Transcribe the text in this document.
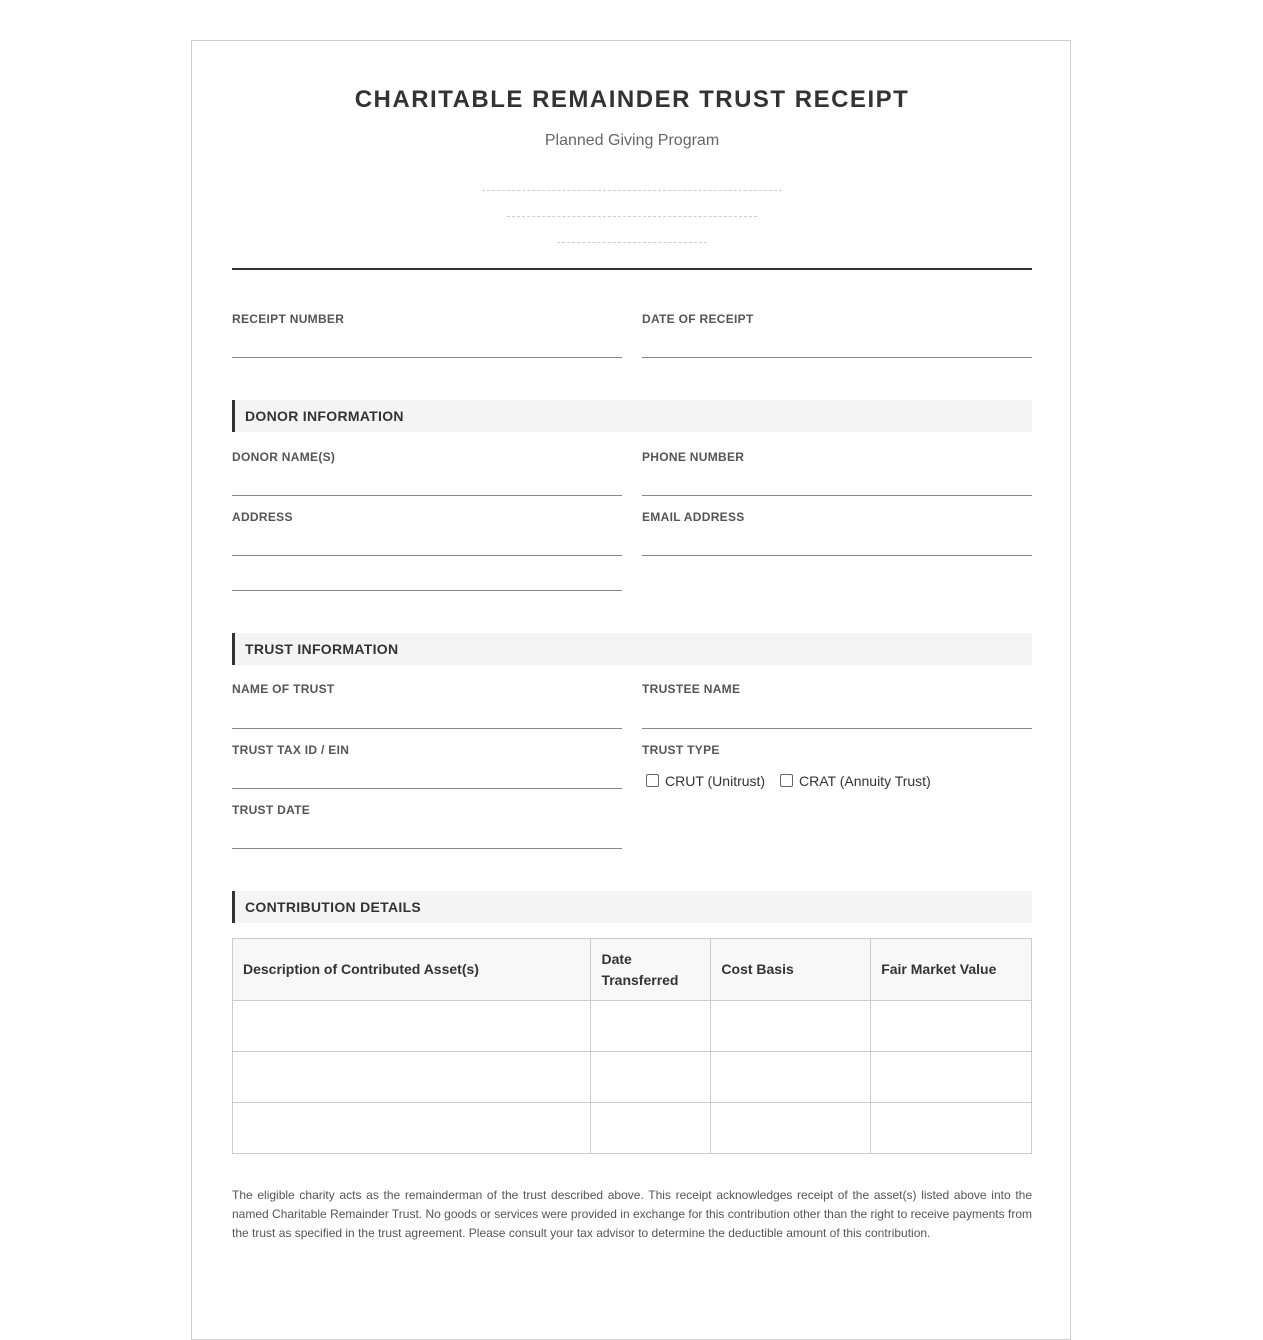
CHARITABLE REMAINDER TRUST RECEIPT
Planned Giving Program
RECEIPT NUMBER	DATE OF RECEIPT
DONOR INFORMATION
DONOR NAME(S)	PHONE NUMBER
ADDRESS	EMAIL ADDRESS
TRUST INFORMATION
NAME OF TRUST	TRUSTEE NAME
TRUST TAX ID / EIN	TRUST TYPE
CRUT (Unitrust)	CRAT (Annuity Trust)
TRUST DATE
CONTRIBUTION DETAILS
Description of Contributed Asset(s)	Date Transferred	Cost Basis	Fair Market Value

The eligible charity acts as the remainderman of the trust described above. This receipt acknowledges receipt of the asset(s) listed above into the named Charitable Remainder Trust. No goods or services were provided in exchange for this contribution other than the right to receive payments from the trust as specified in the trust agreement. Please consult your tax advisor to determine the deductible amount of this contribution.
